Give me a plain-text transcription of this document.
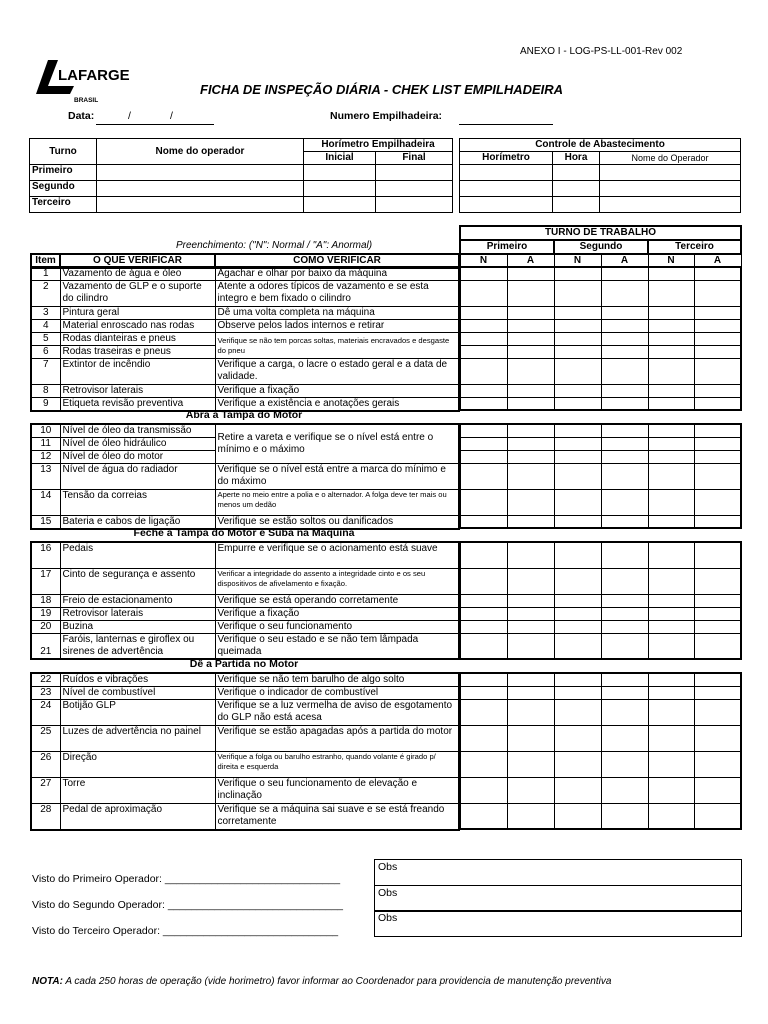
ANEXO I - LOG-PS-LL-001-Rev 002
LAFARGE
BRASIL
FICHA DE INSPEÇÃO DIÁRIA - CHEK LIST EMPILHADEIRA
Data:	/	/	Numero Empilhadeira:
Turno	Nome do operador	Horímetro Empilhadeira	
		Inicial	Final
Primeiro			
Segundo			
Terceiro			
Controle de Abastecimento		
Horímetro	Hora	Nome do Operador

Preenchimento: ("N": Normal / "A": Anormal)
TURNO DE TRABALHO					
Primeiro		Segundo		Terceiro	
N	A	N	A	N	A
Item	O QUE VERIFICAR	COMO VERIFICAR
1	Vazamento de água e óleo	Agachar e olhar por baixo da máquina
2	Vazamento de GLP e o suporte do cilindro	Atente a odores típicos de vazamento e se esta integro e bem fixado o cilindro
3	Pintura geral	Dê uma volta completa na máquina
4	Material enroscado nas rodas	Observe pelos lados internos e retirar
5	Rodas dianteiras e pneus	Verifique se não tem porcas soltas, materiais encravados e desgaste do pneu
6	Rodas traseiras e pneus	
7	Extintor de incêndio	Verifique a carga, o lacre o estado geral e a data de validade.
8	Retrovisor laterais	Verifique a fixação
9	Etiqueta revisão preventiva	Verifique a existência e anotações gerais

Abra a Tampa do Motor
10	Nível de óleo da transmissão	Retire a vareta e verifique se o nível está entre o mínimo e o máximo
11	Nível de óleo hidráulico	
12	Nível de óleo do motor	
13	Nível de água do radiador	Verifique se o nível está entre a marca do mínimo e do máximo
14	Tensão da correias	Aperte no meio entre a polia e o alternador. A folga deve ter mais ou menos um dedão
15	Bateria e cabos de ligação	Verifique se estão soltos ou danificados

Feche a Tampa do Motor e Suba na Máquina
16	Pedais	Empurre e verifique se o acionamento está suave
17	Cinto de segurança e assento	Verificar a integridade do assento a integridade cinto e os seu dispositivos de afivelamento e fixação.
18	Freio de estacionamento	Verifique se está operando corretamente
19	Retrovisor laterais	Verifique a fixação
20	Buzina	Verifique o seu funcionamento
21	Faróis, lanternas e giroflex ou sirenes de advertência	Verifique o seu estado e se não tem lâmpada queimada

Dê a Partida no Motor
22	Ruídos e vibrações	Verifique se não tem barulho de algo solto
23	Nível de combustível	Verifique o indicador de combustível
24	Botijão GLP	Verifique se a luz vermelha de aviso de esgotamento do GLP não está acesa
25	Luzes de advertência no painel	Verifique se estão apagadas após a partida do motor
26	Direção	Verifique a folga ou barulho estranho, quando volante é girado p/ direita e esquerda
27	Torre	Verifique o seu funcionamento de elevação e inclinação
28	Pedal de aproximação	Verifique se a máquina sai suave e se está freando corretamente

Visto do Primeiro Operador: ______________________________
Visto do Segundo Operador: ______________________________
Visto do Terceiro Operador: ______________________________
Obs
Obs
Obs
NOTA: A cada 250 horas de operação (vide horimetro) favor informar ao Coordenador para providencia de manutenção preventiva
